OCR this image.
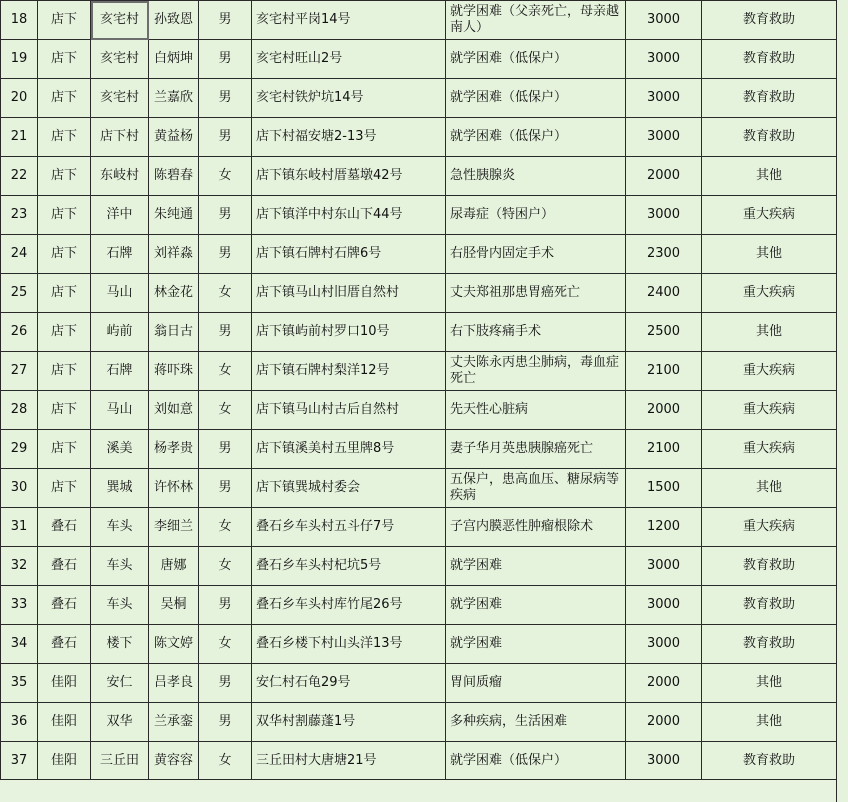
18	店下	亥宅村	孙致恩	男	亥宅村平岗14号	就学困难（父亲死亡，母亲越南人）	3000	教育救助
19	店下	亥宅村	白炳坤	男	亥宅村旺山2号	就学困难（低保户）	3000	教育救助
20	店下	亥宅村	兰嘉欣	男	亥宅村铁炉坑14号	就学困难（低保户）	3000	教育救助
21	店下	店下村	黄益杨	男	店下村福安塘2-13号	就学困难（低保户）	3000	教育救助
22	店下	东岐村	陈碧春	女	店下镇东岐村厝墓墩42号	急性胰腺炎	2000	其他
23	店下	洋中	朱纯通	男	店下镇洋中村东山下44号	尿毒症（特困户）	3000	重大疾病
24	店下	石牌	刘祥淼	男	店下镇石牌村石牌6号	右胫骨内固定手术	2300	其他
25	店下	马山	林金花	女	店下镇马山村旧厝自然村	丈夫郑祖那患胃癌死亡	2400	重大疾病
26	店下	屿前	翁日古	男	店下镇屿前村罗口10号	右下肢疼痛手术	2500	其他
27	店下	石牌	蒋吓珠	女	店下镇石牌村梨洋12号	丈夫陈永丙患尘肺病，毒血症死亡	2100	重大疾病
28	店下	马山	刘如意	女	店下镇马山村古后自然村	先天性心脏病	2000	重大疾病
29	店下	溪美	杨孝贵	男	店下镇溪美村五里牌8号	妻子华月英患胰腺癌死亡	2100	重大疾病
30	店下	巽城	许怀林	男	店下镇巽城村委会	五保户，患高血压、糖尿病等疾病	1500	其他
31	叠石	车头	李细兰	女	叠石乡车头村五斗仔7号	子宫内膜恶性肿瘤根除术	1200	重大疾病
32	叠石	车头	唐娜	女	叠石乡车头村杞坑5号	就学困难	3000	教育救助
33	叠石	车头	吴桐	男	叠石乡车头村库竹尾26号	就学困难	3000	教育救助
34	叠石	楼下	陈文婷	女	叠石乡楼下村山头洋13号	就学困难	3000	教育救助
35	佳阳	安仁	吕孝良	男	安仁村石龟29号	胃间质瘤	2000	其他
36	佳阳	双华	兰承銮	男	双华村割藤蓬1号	多种疾病，生活困难	2000	其他
37	佳阳	三丘田	黄容容	女	三丘田村大唐塘21号	就学困难（低保户）	3000	教育救助
